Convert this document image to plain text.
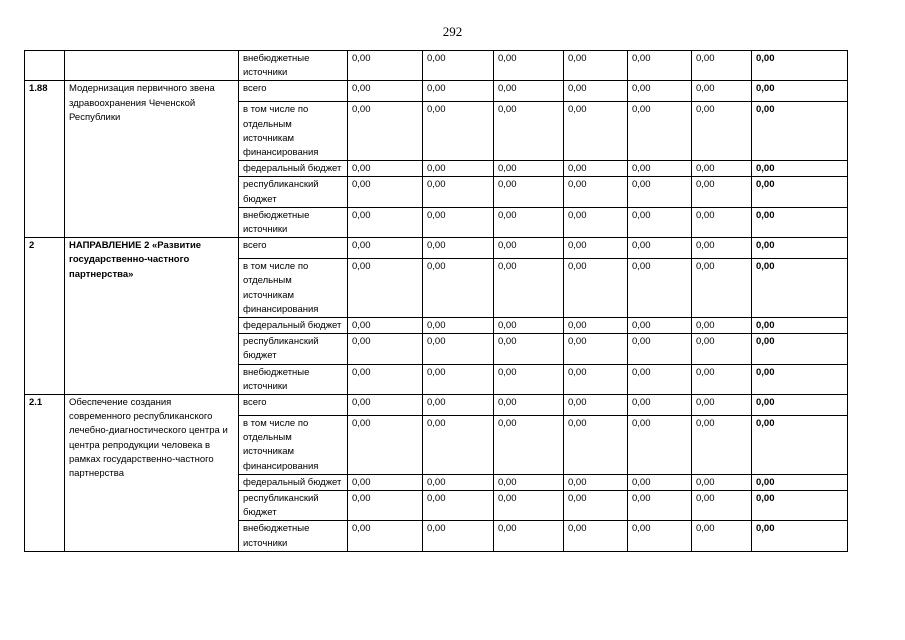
292
		внебюджетные источники	0,00	0,00	0,00	0,00	0,00	0,00	0,00
1.88	Модернизация первичного звена здравоохранения Чеченской Республики	всего	0,00	0,00	0,00	0,00	0,00	0,00	0,00
		в том числе по отдельным источникам финансирования	0,00	0,00	0,00	0,00	0,00	0,00	0,00
		федеральный бюджет	0,00	0,00	0,00	0,00	0,00	0,00	0,00
		республиканский бюджет	0,00	0,00	0,00	0,00	0,00	0,00	0,00
		внебюджетные источники	0,00	0,00	0,00	0,00	0,00	0,00	0,00
2	НАПРАВЛЕНИЕ 2 «Развитие государственно-частного партнерства»	всего	0,00	0,00	0,00	0,00	0,00	0,00	0,00
		в том числе по отдельным источникам финансирования	0,00	0,00	0,00	0,00	0,00	0,00	0,00
		федеральный бюджет	0,00	0,00	0,00	0,00	0,00	0,00	0,00
		республиканский бюджет	0,00	0,00	0,00	0,00	0,00	0,00	0,00
		внебюджетные источники	0,00	0,00	0,00	0,00	0,00	0,00	0,00
2.1	Обеспечение создания современного республиканского лечебно-диагностического центра и центра репродукции человека в рамках государственно-частного партнерства	всего	0,00	0,00	0,00	0,00	0,00	0,00	0,00
		в том числе по отдельным источникам финансирования	0,00	0,00	0,00	0,00	0,00	0,00	0,00
		федеральный бюджет	0,00	0,00	0,00	0,00	0,00	0,00	0,00
		республиканский бюджет	0,00	0,00	0,00	0,00	0,00	0,00	0,00
		внебюджетные источники	0,00	0,00	0,00	0,00	0,00	0,00	0,00
